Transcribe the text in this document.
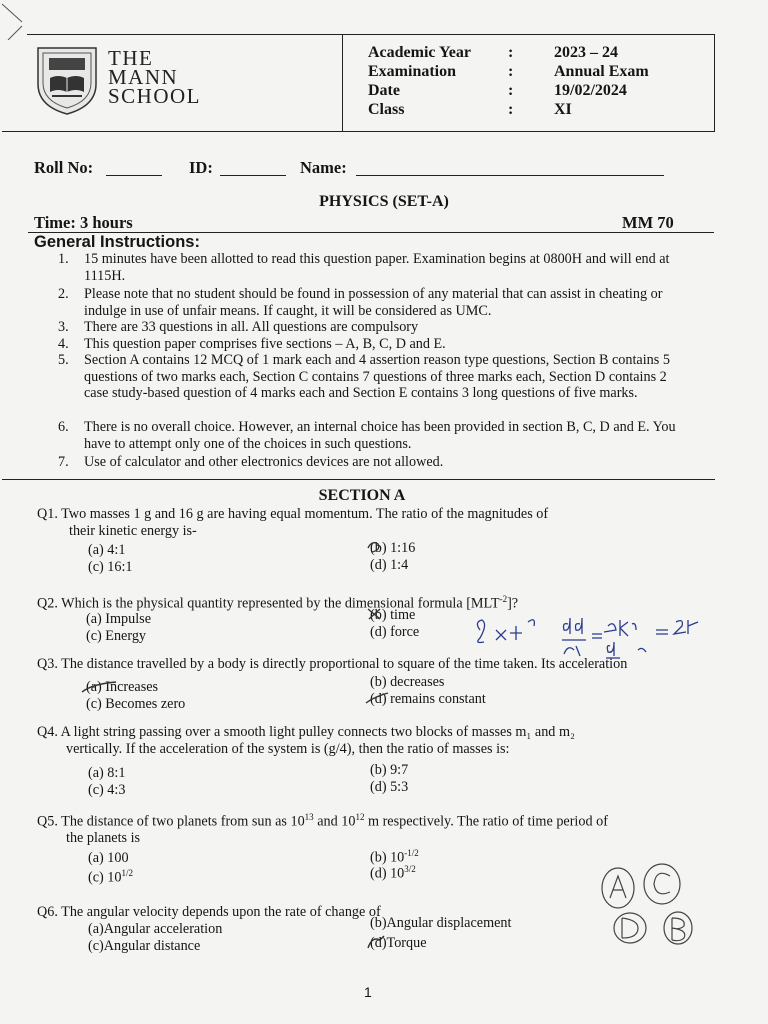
THE
MANN
SCHOOL
Academic Year :	2023 – 24
Examination	:	Annual Exam
Date	:	19/02/2024
Class	:	XI
Roll No:	ID:	Name:
PHYSICS (SET-A)
Time: 3 hours	MM 70
General Instructions:
1. 15 minutes have been allotted to read this question paper. Examination begins at 0800H and will end at 1115H.
2. Please note that no student should be found in possession of any material that can assist in cheating or indulge in use of unfair means. If caught, it will be considered as UMC.
3. There are 33 questions in all. All questions are compulsory
4. This question paper comprises five sections – A, B, C, D and E.
5. Section A contains 12 MCQ of 1 mark each and 4 assertion reason type questions, Section B contains 5 questions of two marks each, Section C contains 7 questions of three marks each, Section D contains 2 case study-based question of 4 marks each and Section E contains 3 long questions of five marks.
6. There is no overall choice. However, an internal choice has been provided in section B, C, D and E. You have to attempt only one of the choices in such questions.
7. Use of calculator and other electronics devices are not allowed.
SECTION A
Q1. Two masses 1 g and 16 g are having equal momentum. The ratio of the magnitudes of
their kinetic energy is-
(a) 4:1	(b) 1:16
(c) 16:1	(d) 1:4
Q2. Which is the physical quantity represented by the dimensional formula $[MLT^{-2}]$?
(a) Impulse	(b) time
(c) Energy	(d) force
Q3. The distance travelled by a body is directly proportional to square of the time taken. Its acceleration
(a) Increases	(b) decreases
(c) Becomes zero	(d) remains constant
Q4. A light string passing over a smooth light pulley connects two blocks of masses m₁ and m₂
vertically. If the acceleration of the system is (g/4), then the ratio of masses is:
(a) 8:1	(b) 9:7
(c) 4:3	(d) 5:3
Q5. The distance of two planets from sun as $10^{13}$ and $10^{12}$ m respectively. The ratio of time period of
the planets is
(a) 100	(b) $10^{-1/2}$
(c) $10^{1/2}$	(d) $10^{3/2}$
Q6. The angular velocity depends upon the rate of change of
(a)Angular acceleration	(b)Angular displacement
(c)Angular distance	(d)Torque
1
